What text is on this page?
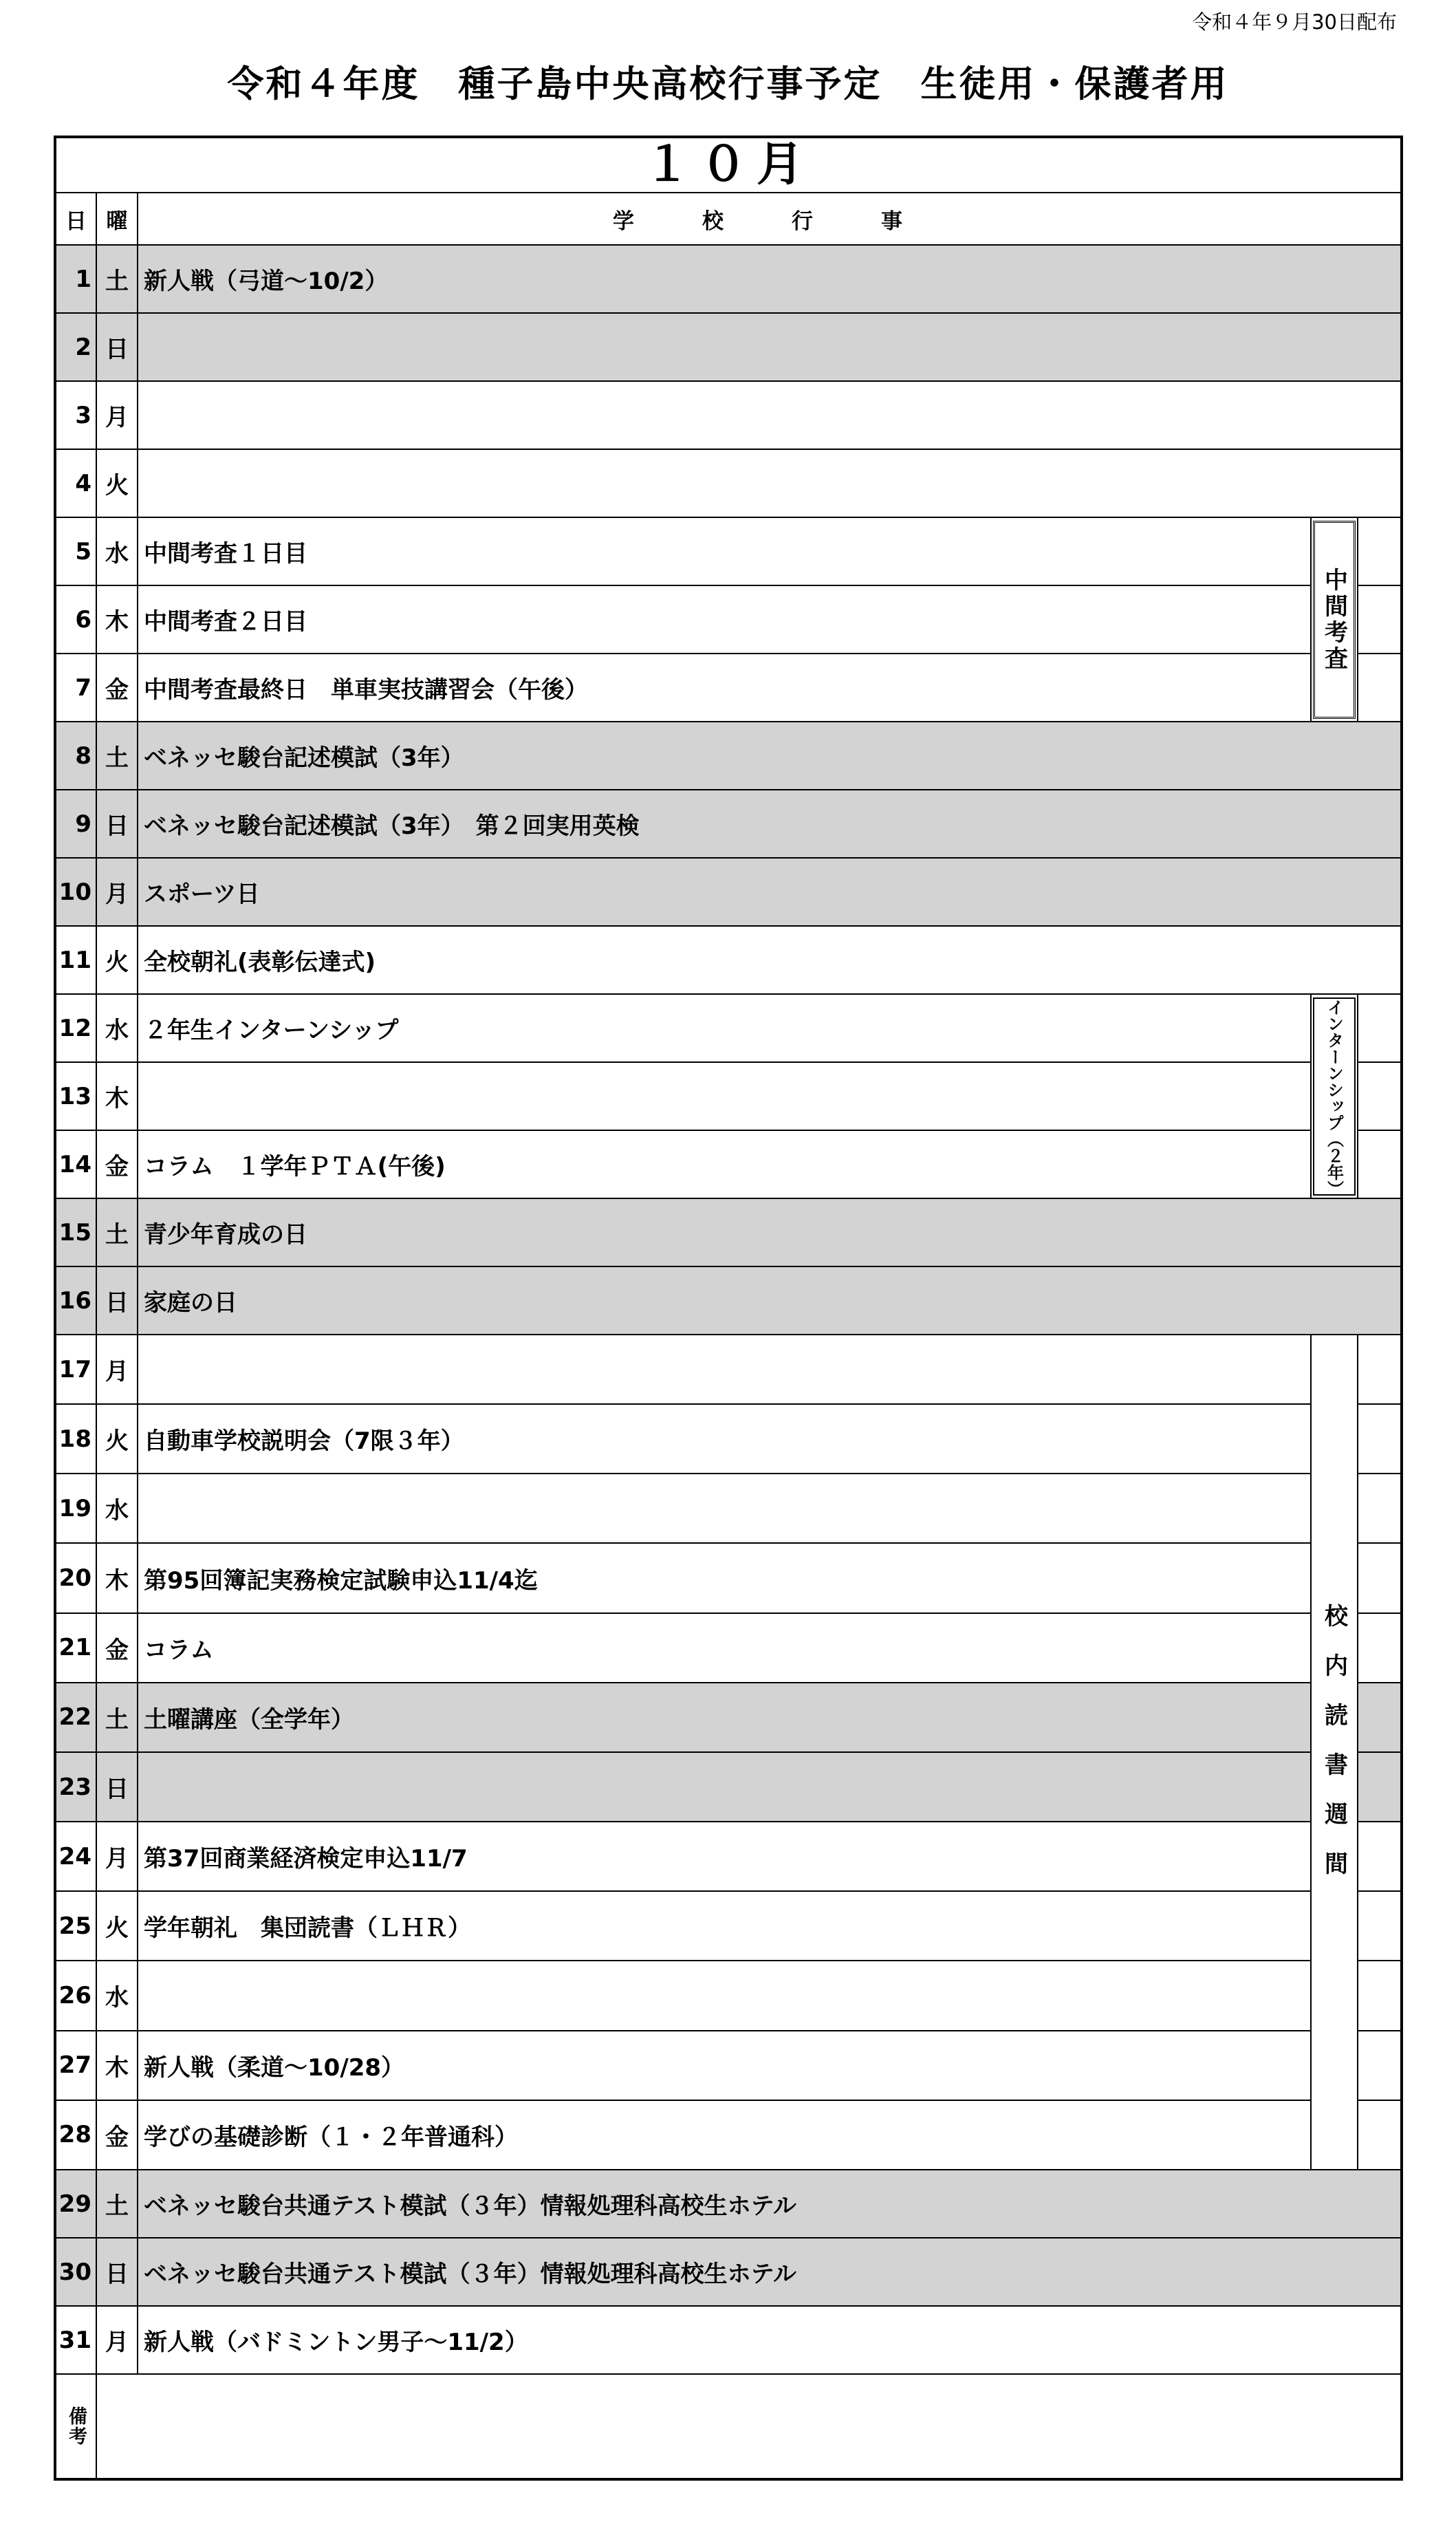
令和４年９月30日配布
令和４年度　種子島中央高校行事予定　生徒用・保護者用
１０月				
日	曜	学　校　行　事		
1	土	新人戦（弓道～10/2）		
2	日			
3	月			
4	火			
5	水	中間考査１日目	中間考査	

6	木	中間考査２日目		
7	金	中間考査最終日　単車実技講習会（午後）		
8	土	ベネッセ駿台記述模試（3年）		
9	日	ベネッセ駿台記述模試（3年）　第２回実用英検		
10	月	スポーツ日		
11	火	全校朝礼(表彰伝達式)		
12	水	２年生インターンシップ	インターンシップ（２年）	

13	木			
14	金	コラム　１学年ＰＴＡ(午後)		
15	土	青少年育成の日		
16	日	家庭の日		
17	月		校内読書週間	

18	火	自動車学校説明会（7限３年）		
19	水			
20	木	第95回簿記実務検定試験申込11/4迄		
21	金	コラム		
22	土	土曜講座（全学年）		
23	日			
24	月	第37回商業経済検定申込11/7		
25	火	学年朝礼　集団読書（ＬＨＲ）		
26	水			
27	木	新人戦（柔道～10/28）		
28	金	学びの基礎診断（１・２年普通科）		
29	土	ベネッセ駿台共通テスト模試（３年）情報処理科高校生ホテル		
30	日	ベネッセ駿台共通テスト模試（３年）情報処理科高校生ホテル		
31	月	新人戦（バドミントン男子～11/2）		

備考				
